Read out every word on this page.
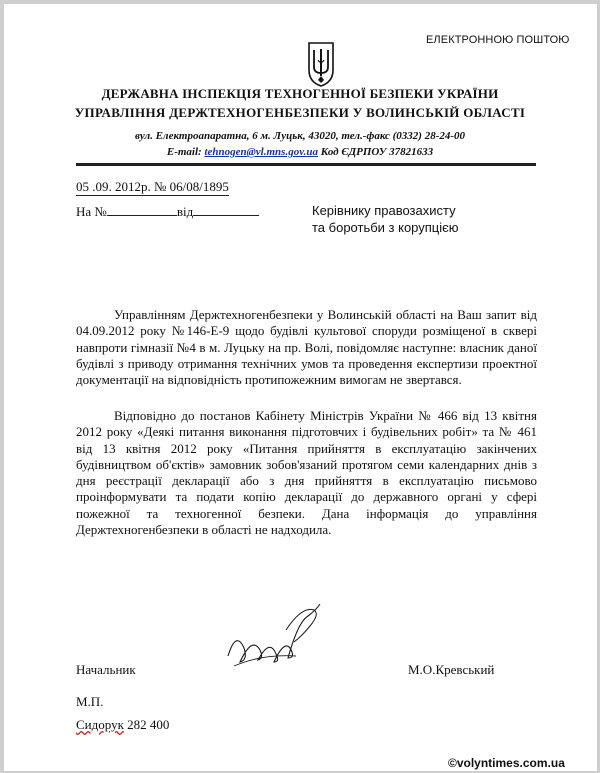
ЕЛЕКТРОННОЮ ПОШТОЮ
ДЕРЖАВНА ІНСПЕКЦІЯ ТЕХНОГЕННОЇ БЕЗПЕКИ УКРАЇНИ
УПРАВЛІННЯ ДЕРЖТЕХНОГЕНБЕЗПЕКИ У ВОЛИНСЬКІЙ ОБЛАСТІ
вул. Електроапаратна, 6 м. Луцьк, 43020, тел.-факс (0332) 28-24-00
E-mail: tehnogen@vl.mns.gov.ua Код ЄДРПОУ 37821633
05 .09. 2012р. № 06/08/1895
На №	від	Керівнику правозахисту
та боротьби з корупцією
Управлінням Держтехногенбезпеки у Волинській області на Ваш запит від 04.09.2012 року №146-Е-9 щодо будівлі культової споруди розміщеної в сквері навпроти гімназії №4 в м. Луцьку на пр. Волі, повідомляє наступне: власник даної будівлі з приводу отримання технічних умов та проведення експертизи проектної документації на відповідність протипожежним вимогам не звертався.
Відповідно до постанов Кабінету Міністрів України № 466 від 13 квітня 2012 року «Деякі питання виконання підготовчих і будівельних робіт» та № 461 від 13 квітня 2012 року «Питання прийняття в експлуатацію закінчених будівництвом об'єктів» замовник зобов'язаний протягом семи календарних днів з дня реєстрації декларації або з дня прийняття в експлуатацію письмово проінформувати та подати копію декларації до державного органі у сфері пожежної та техногенної безпеки. Дана інформація до управління Держтехногенбезпеки в області не надходила.
Начальник	М.О.Кревський
М.П.
Сидорук 282 400
©volyntimes.com.ua
